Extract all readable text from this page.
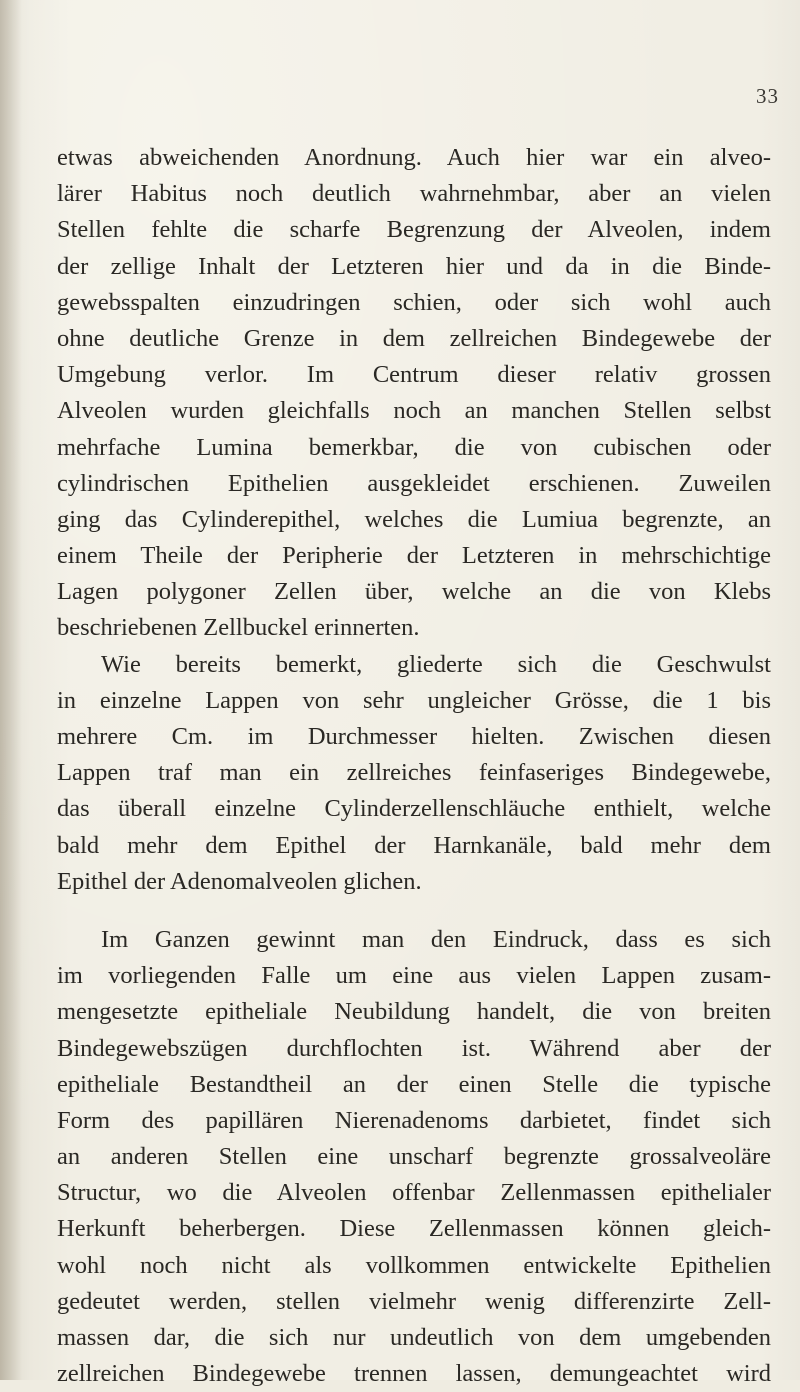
33
etwas abweichenden Anordnung. Auch hier war ein alveo-
lärer Habitus noch deutlich wahrnehmbar, aber an vielen
Stellen fehlte die scharfe Begrenzung der Alveolen, indem
der zellige Inhalt der Letzteren hier und da in die Binde-
gewebsspalten einzudringen schien, oder sich wohl auch
ohne deutliche Grenze in dem zellreichen Bindegewebe der
Umgebung verlor. Im Centrum dieser relativ grossen
Alveolen wurden gleichfalls noch an manchen Stellen selbst
mehrfache Lumina bemerkbar, die von cubischen oder
cylindrischen Epithelien ausgekleidet erschienen. Zuweilen
ging das Cylinderepithel, welches die Lumiua begrenzte, an
einem Theile der Peripherie der Letzteren in mehrschichtige
Lagen polygoner Zellen über, welche an die von Klebs
beschriebenen Zellbuckel erinnerten.
Wie bereits bemerkt, gliederte sich die Geschwulst
in einzelne Lappen von sehr ungleicher Grösse, die 1 bis
mehrere Cm. im Durchmesser hielten. Zwischen diesen
Lappen traf man ein zellreiches feinfaseriges Bindegewebe,
das überall einzelne Cylinderzellenschläuche enthielt, welche
bald mehr dem Epithel der Harnkanäle, bald mehr dem
Epithel der Adenomalveolen glichen.
Im Ganzen gewinnt man den Eindruck, dass es sich
im vorliegenden Falle um eine aus vielen Lappen zusam-
mengesetzte epitheliale Neubildung handelt, die von breiten
Bindegewebszügen durchflochten ist. Während aber der
epitheliale Bestandtheil an der einen Stelle die typische
Form des papillären Nierenadenoms darbietet, findet sich
an anderen Stellen eine unscharf begrenzte grossalveoläre
Structur, wo die Alveolen offenbar Zellenmassen epithelialer
Herkunft beherbergen. Diese Zellenmassen können gleich-
wohl noch nicht als vollkommen entwickelte Epithelien
gedeutet werden, stellen vielmehr wenig differenzirte Zell-
massen dar, die sich nur undeutlich von dem umgebenden
zellreichen Bindegewebe trennen lassen, demungeachtet wird
